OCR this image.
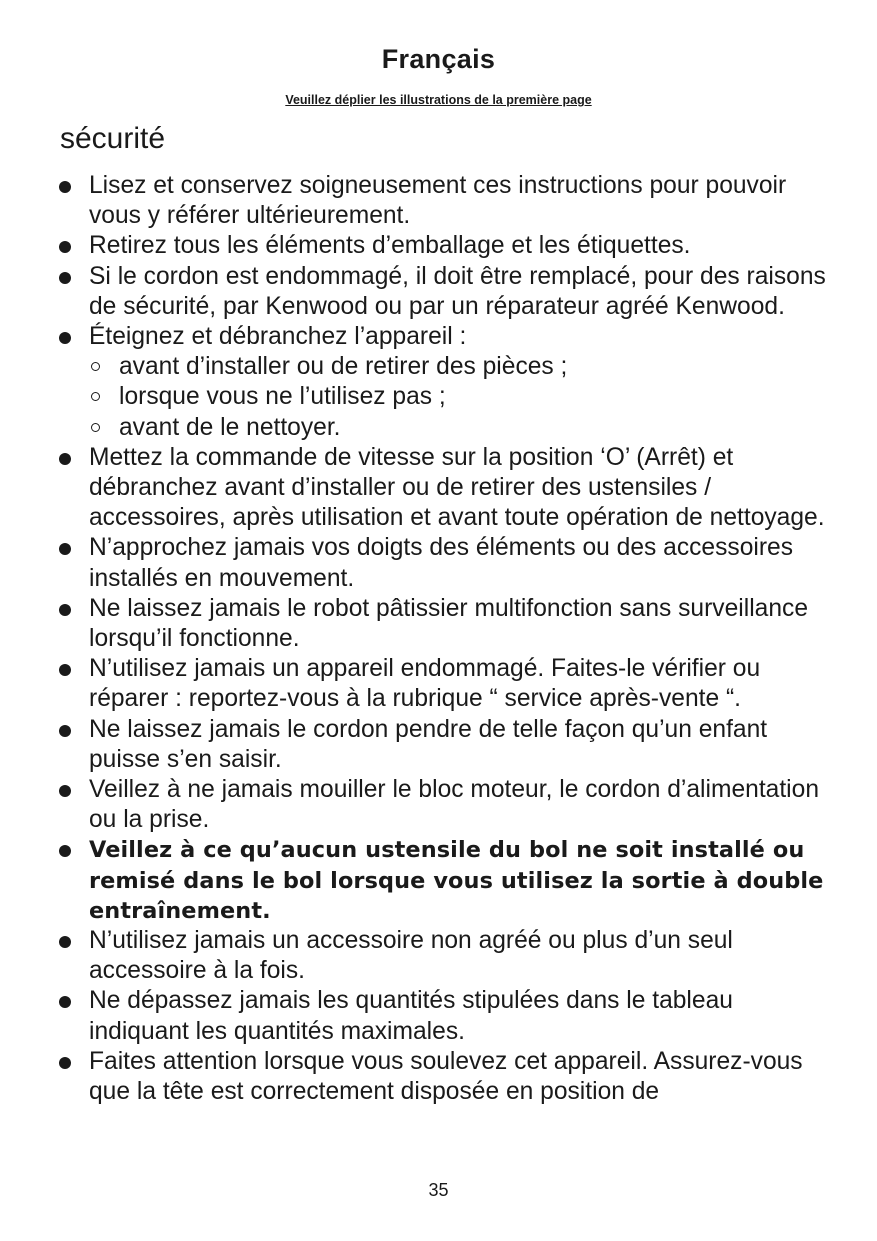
Français

Veuillez déplier les illustrations de la première page

sécurité
Lisez et conservez soigneusement ces instructions pour pouvoir vous y référer ultérieurement.
Retirez tous les éléments d’emballage et les étiquettes.
Si le cordon est endommagé, il doit être remplacé, pour des raisons de sécurité, par Kenwood ou par un réparateur agréé Kenwood.
Éteignez et débranchez l’appareil :
avant d’installer ou de retirer des pièces ;
lorsque vous ne l’utilisez pas ;
avant de le nettoyer.
Mettez la commande de vitesse sur la position ‘O’ (Arrêt) et débranchez avant d’installer ou de retirer des ustensiles / accessoires, après utilisation et avant toute opération de nettoyage.
N’approchez jamais vos doigts des éléments ou des accessoires installés en mouvement.
Ne laissez jamais le robot pâtissier multifonction sans surveillance lorsqu’il fonctionne.
N’utilisez jamais un appareil endommagé. Faites-le vérifier ou réparer : reportez-vous à la rubrique “ service après-vente “.
Ne laissez jamais le cordon pendre de telle façon qu’un enfant puisse s’en saisir.
Veillez à ne jamais mouiller le bloc moteur, le cordon d’alimentation ou la prise.
Veillez à ce qu’aucun ustensile du bol ne soit installé ou remisé dans le bol lorsque vous utilisez la sortie à double entraînement.
N’utilisez jamais un accessoire non agréé ou plus d’un seul accessoire à la fois.
Ne dépassez jamais les quantités stipulées dans le tableau indiquant les quantités maximales.
Faites attention lorsque vous soulevez cet appareil. Assurez-vous que la tête est correctement disposée en position de

35
